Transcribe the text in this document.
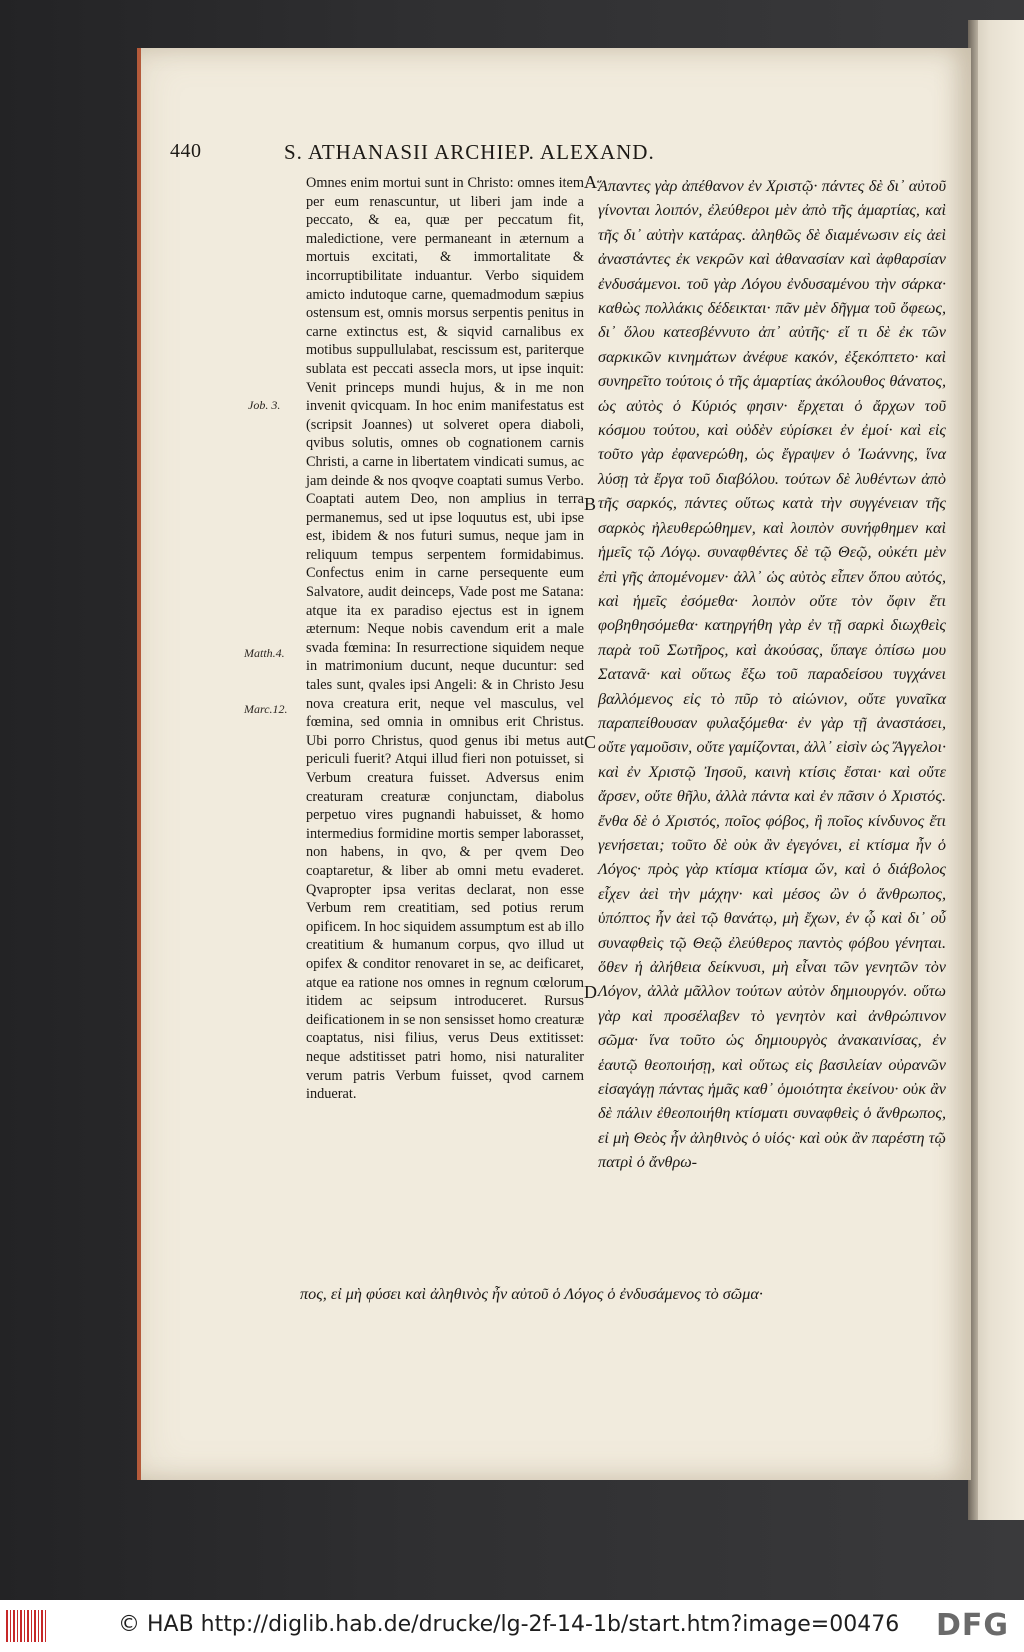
440	S. ATHANASII ARCHIEP. ALEXAND.

Omnes enim mortui sunt in Christo: omnes item per eum renascuntur, ut liberi jam inde a peccato, & ea, quæ per peccatum fit, maledictione, vere permaneant in æternum a mortuis excitati, & immortalitate & incorruptibilitate induantur. Verbo siquidem amicto indutoque carne, quemadmodum sæpius ostensum est, omnis morsus serpentis penitus in carne extinctus est, & siqvid carnalibus ex motibus suppullulabat, rescissum est, pariterque sublata est peccati assecla mors, ut ipse inquit: Venit princeps mundi hujus, & in me non invenit qvicquam. In hoc enim manifestatus est (scripsit Joannes) ut solveret opera diaboli, qvibus solutis, omnes ob cognationem carnis Christi, a carne in libertatem vindicati sumus, ac jam deinde & nos qvoqve coaptati sumus Verbo. Coaptati autem Deo, non amplius in terra permanemus, sed ut ipse loquutus est, ubi ipse est, ibidem & nos futuri sumus, neque jam in reliquum tempus serpentem formidabimus. Confectus enim in carne persequente eum Salvatore, audit deinceps, Vade post me Satana: atque ita ex paradiso ejectus est in ignem æternum: Neque nobis cavendum erit a male svada fœmina: In resurrectione siquidem neque in matrimonium ducunt, neque ducuntur: sed tales sunt, qvales ipsi Angeli: & in Christo Jesu nova creatura erit, neque vel masculus, vel fœmina, sed omnia in omnibus erit Christus. Ubi porro Christus, quod genus ibi metus aut periculi fuerit? Atqui illud fieri non potuisset, si Verbum creatura fuisset. Adversus enim creaturam creaturæ conjunctam, diabolus perpetuo vires pugnandi habuisset, & homo intermedius formidine mortis semper laborasset, non habens, in qvo, & per qvem Deo coaptaretur, & liber ab omni metu evaderet. Qvapropter ipsa veritas declarat, non esse Verbum rem creatitiam, sed potius rerum opificem. In hoc siquidem assumptum est ab illo creatitium & humanum corpus, qvo illud ut opifex & conditor renovaret in se, ac deificaret, atque ea ratione nos omnes in regnum cœlorum itidem ac seipsum introduceret. Rursus deificationem in se non sensisset homo creaturæ coaptatus, nisi filius, verus Deus extitisset: neque adstitisset patri homo, nisi naturaliter verum patris Verbum fuisset, qvod carnem induerat.

Ἅπαντες γὰρ ἀπέθανον ἐν Χριστῷ· πάντες δὲ δι᾽ αὐτοῦ γίνονται λοιπόν, ἐλεύθεροι μὲν ἀπὸ τῆς ἁμαρτίας, καὶ τῆς δι᾽ αὐτὴν κατάρας. ἀληθῶς δὲ διαμένωσιν εἰς ἀεὶ ἀναστάντες ἐκ νεκρῶν καὶ ἀθανασίαν καὶ ἀφθαρσίαν ἐνδυσάμενοι. τοῦ γὰρ Λόγου ἐνδυσαμένου τὴν σάρκα· καθὼς πολλάκις δέδεικται· πᾶν μὲν δῆγμα τοῦ ὄφεως, δι᾽ ὅλου κατεσβέννυτο ἀπ᾽ αὐτῆς· εἴ τι δὲ ἐκ τῶν σαρκικῶν κινημάτων ἀνέφυε κακόν, ἐξεκόπτετο· καὶ συνηρεῖτο τούτοις ὁ τῆς ἁμαρτίας ἀκόλουθος θάνατος, ὡς αὐτὸς ὁ Κύριός φησιν· ἔρχεται ὁ ἄρχων τοῦ κόσμου τούτου, καὶ οὐδὲν εὑρίσκει ἐν ἐμοί· καὶ εἰς τοῦτο γὰρ ἐφανερώθη, ὡς ἔγραψεν ὁ Ἰωάννης, ἵνα λύσῃ τὰ ἔργα τοῦ διαβόλου. τούτων δὲ λυθέντων ἀπὸ τῆς σαρκός, πάντες οὕτως κατὰ τὴν συγγένειαν τῆς σαρκὸς ἠλευθερώθημεν, καὶ λοιπὸν συνήφθημεν καὶ ἡμεῖς τῷ Λόγῳ. συναφθέντες δὲ τῷ Θεῷ, οὐκέτι μὲν ἐπὶ γῆς ἀπομένομεν· ἀλλ᾽ ὡς αὐτὸς εἶπεν ὅπου αὐτός, καὶ ἡμεῖς ἐσόμεθα· λοιπὸν οὔτε τὸν ὄφιν ἔτι φοβηθησόμεθα· κατηργήθη γὰρ ἐν τῇ σαρκὶ διωχθεὶς παρὰ τοῦ Σωτῆρος, καὶ ἀκούσας, ὕπαγε ὀπίσω μου Σατανᾶ· καὶ οὕτως ἔξω τοῦ παραδείσου τυγχάνει βαλλόμενος εἰς τὸ πῦρ τὸ αἰώνιον, οὔτε γυναῖκα παραπείθουσαν φυλαξόμεθα· ἐν γὰρ τῇ ἀναστάσει, οὔτε γαμοῦσιν, οὔτε γαμίζονται, ἀλλ᾽ εἰσὶν ὡς Ἄγγελοι· καὶ ἐν Χριστῷ Ἰησοῦ, καινὴ κτίσις ἔσται· καὶ οὔτε ἄρσεν, οὔτε θῆλυ, ἀλλὰ πάντα καὶ ἐν πᾶσιν ὁ Χριστός. ἔνθα δὲ ὁ Χριστός, ποῖος φόβος, ἢ ποῖος κίνδυνος ἔτι γενήσεται; τοῦτο δὲ οὐκ ἂν ἐγεγόνει, εἰ κτίσμα ἦν ὁ Λόγος· πρὸς γὰρ κτίσμα κτίσμα ὤν, καὶ ὁ διάβολος εἶχεν ἀεὶ τὴν μάχην· καὶ μέσος ὢν ὁ ἄνθρωπος, ὑπόπτος ἦν ἀεὶ τῷ θανάτῳ, μὴ ἔχων, ἐν ᾧ καὶ δι᾽ οὗ συναφθεὶς τῷ Θεῷ ἐλεύθερος παντὸς φόβου γένηται. ὅθεν ἡ ἀλήθεια δείκνυσι, μὴ εἶναι τῶν γενητῶν τὸν Λόγον, ἀλλὰ μᾶλλον τούτων αὐτὸν δημιουργόν. οὕτω γὰρ καὶ προσέλαβεν τὸ γενητὸν καὶ ἀνθρώπινον σῶμα· ἵνα τοῦτο ὡς δημιουργὸς ἀνακαινίσας, ἐν ἑαυτῷ θεοποιήσῃ, καὶ οὕτως εἰς βασιλείαν οὐρανῶν εἰσαγάγῃ πάντας ἡμᾶς καθ᾽ ὁμοιότητα ἐκείνου· οὐκ ἂν δὲ πάλιν ἐθεοποιήθη κτίσματι συναφθεὶς ὁ ἄνθρωπος, εἰ μὴ Θεὸς ἦν ἀληθινὸς ὁ υἱός· καὶ οὐκ ἂν παρέστη τῷ πατρὶ ὁ ἄνθρω-

πος, εἰ μὴ φύσει καὶ ἀληθινὸς ἦν αὐτοῦ ὁ Λόγος ὁ ἐνδυσάμενος τὸ σῶμα·
Job. 3.
Matth.4.
Marc.12.
A
B
C
D
© HAB http://diglib.hab.de/drucke/lg-2f-14-1b/start.htm?image=00476 DFG
